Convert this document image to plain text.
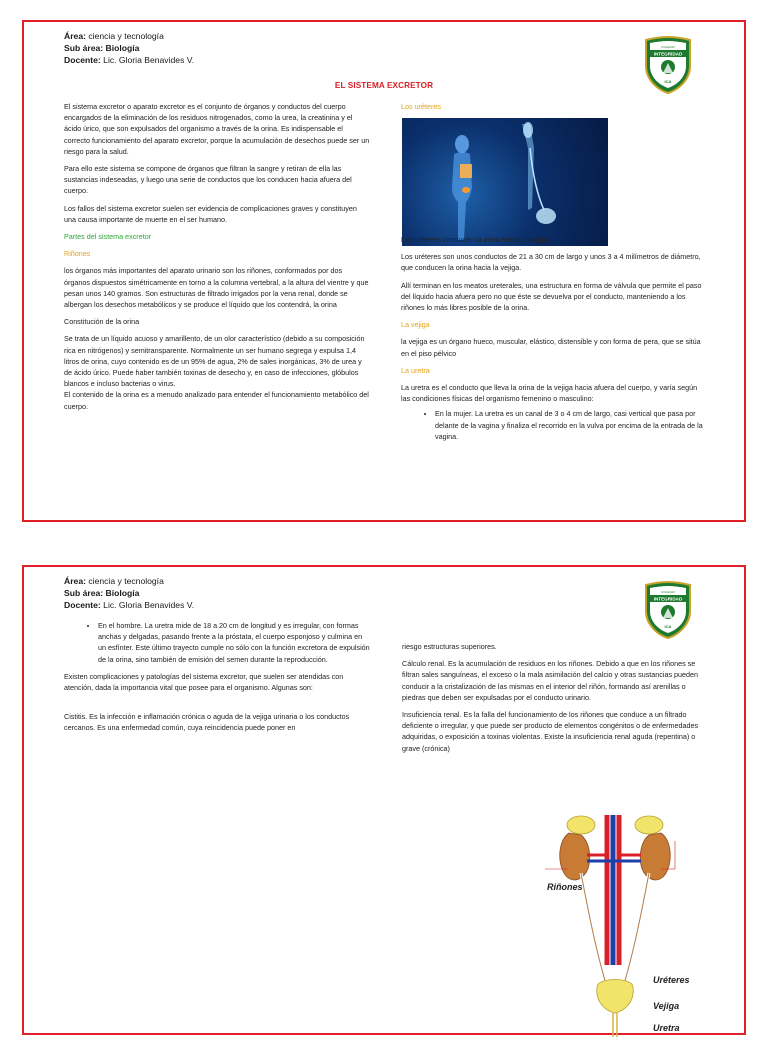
Área: ciencia y tecnología
Sub área: Biología
Docente: Lic. Gloria Benavides V.
COLEGIO
INTEGRIDAD
ICA
EL SISTEMA EXCRETOR

El sistema excretor o aparato excretor es el conjunto de órganos y conductos del cuerpo encargados de la eliminación de los residuos nitrogenados, como la urea, la creatinina y el ácido úrico, que son expulsados del organismo a través de la orina. Es indispensable el correcto funcionamiento del aparato excretor, porque la acumulación de desechos puede ser un riesgo para la salud.

Para ello este sistema se compone de órganos que filtran la sangre y retiran de ella las sustancias indeseadas, y luego una serie de conductos que los conducen hacia afuera del cuerpo.

Los fallos del sistema excretor suelen ser evidencia de complicaciones graves y constituyen una causa importante de muerte en el ser humano.

Partes del sistema excretor

Riñones

los órganos más importantes del aparato urinario son los riñones, conformados por dos órganos dispuestos simétricamente en torno a la columna vertebral, a la altura del vientre y que pesan unos 140 gramos. Son estructuras de filtrado irrigados por la vena renal, donde se albergan los desechos metabólicos y se produce el líquido que los contendrá, la orina

Constitución de la orina

Se trata de un líquido acuoso y amarillento, de un olor característico (debido a su composición rica en nitrógenos) y semitransparente. Normalmente un ser humano segrega y expulsa 1,4 litros de orina, cuyo contenido es de un 95% de agua, 2% de sales inorgánicas, 3% de urea y de ácido úrico. Puede haber también toxinas de desecho y, en caso de infecciones, glóbulos blancos e incluso bacterias o virus.

El contenido de la orina es a menudo analizado para entender el funcionamiento metabólico del cuerpo.

Los uréteres

Los uréteres conducen la orina hacia la vejiga.

Los uréteres son unos conductos de 21 a 30 cm de largo y unos 3 a 4 milímetros de diámetro, que conducen la orina hacia la vejiga.

Allí terminan en los meatos ureterales, una estructura en forma de válvula que permite el paso del líquido hacia afuera pero no que éste se devuelva por el conducto, manteniendo a los riñones lo más libres posible de la orina.

La vejiga

la vejiga es un órgano hueco, muscular, elástico, distensible y con forma de pera, que se sitúa en el piso pélvico

La uretra

La uretra es el conducto que lleva la orina de la vejiga hacia afuera del cuerpo, y varía según las condiciones físicas del organismo femenino o masculino:

• En la mujer. La uretra es un canal de 3 o 4 cm de largo, casi vertical que pasa por delante de la vagina y finaliza el recorrido en la vulva por encima de la entrada de la vagina.
Área: ciencia y tecnología
Sub área: Biología
Docente: Lic. Gloria Benavides V.
COLEGIO
INTEGRIDAD
ICA
• En el hombre. La uretra mide de 18 a 20 cm de longitud y es irregular, con formas anchas y delgadas, pasando frente a la próstata, el cuerpo esponjoso y culmina en un esfínter. Este último trayecto cumple no sólo con la función excretora de expulsión de la orina, sino también de emisión del semen durante la reproducción.

Existen complicaciones y patologías del sistema excretor, que suelen ser atendidas con atención, dada la importancia vital que posee para el organismo. Algunas son:

Cistitis. Es la infección e inflamación crónica o aguda de la vejiga urinaria o los conductos cercanos. Es una enfermedad común, cuya reincidencia puede poner en

riesgo estructuras superiores.

Cálculo renal. Es la acumulación de residuos en los riñones. Debido a que en los riñones se filtran sales sanguíneas, el exceso o la mala asimilación del calcio y otras sustancias pueden conducir a la cristalización de las mismas en el interior del riñón, formando así arenillas o piedras que deben ser expulsadas por el conducto urinario.

Insuficiencia renal. Es la falla del funcionamiento de los riñones que conduce a un filtrado deficiente o irregular, y que puede ser producto de elementos congénitos o de enfermedades adquiridas, o exposición a toxinas violentas. Existe la insuficiencia renal aguda (repentina) o grave (crónica)

Riñones
Uréteres
Vejiga
Uretra
